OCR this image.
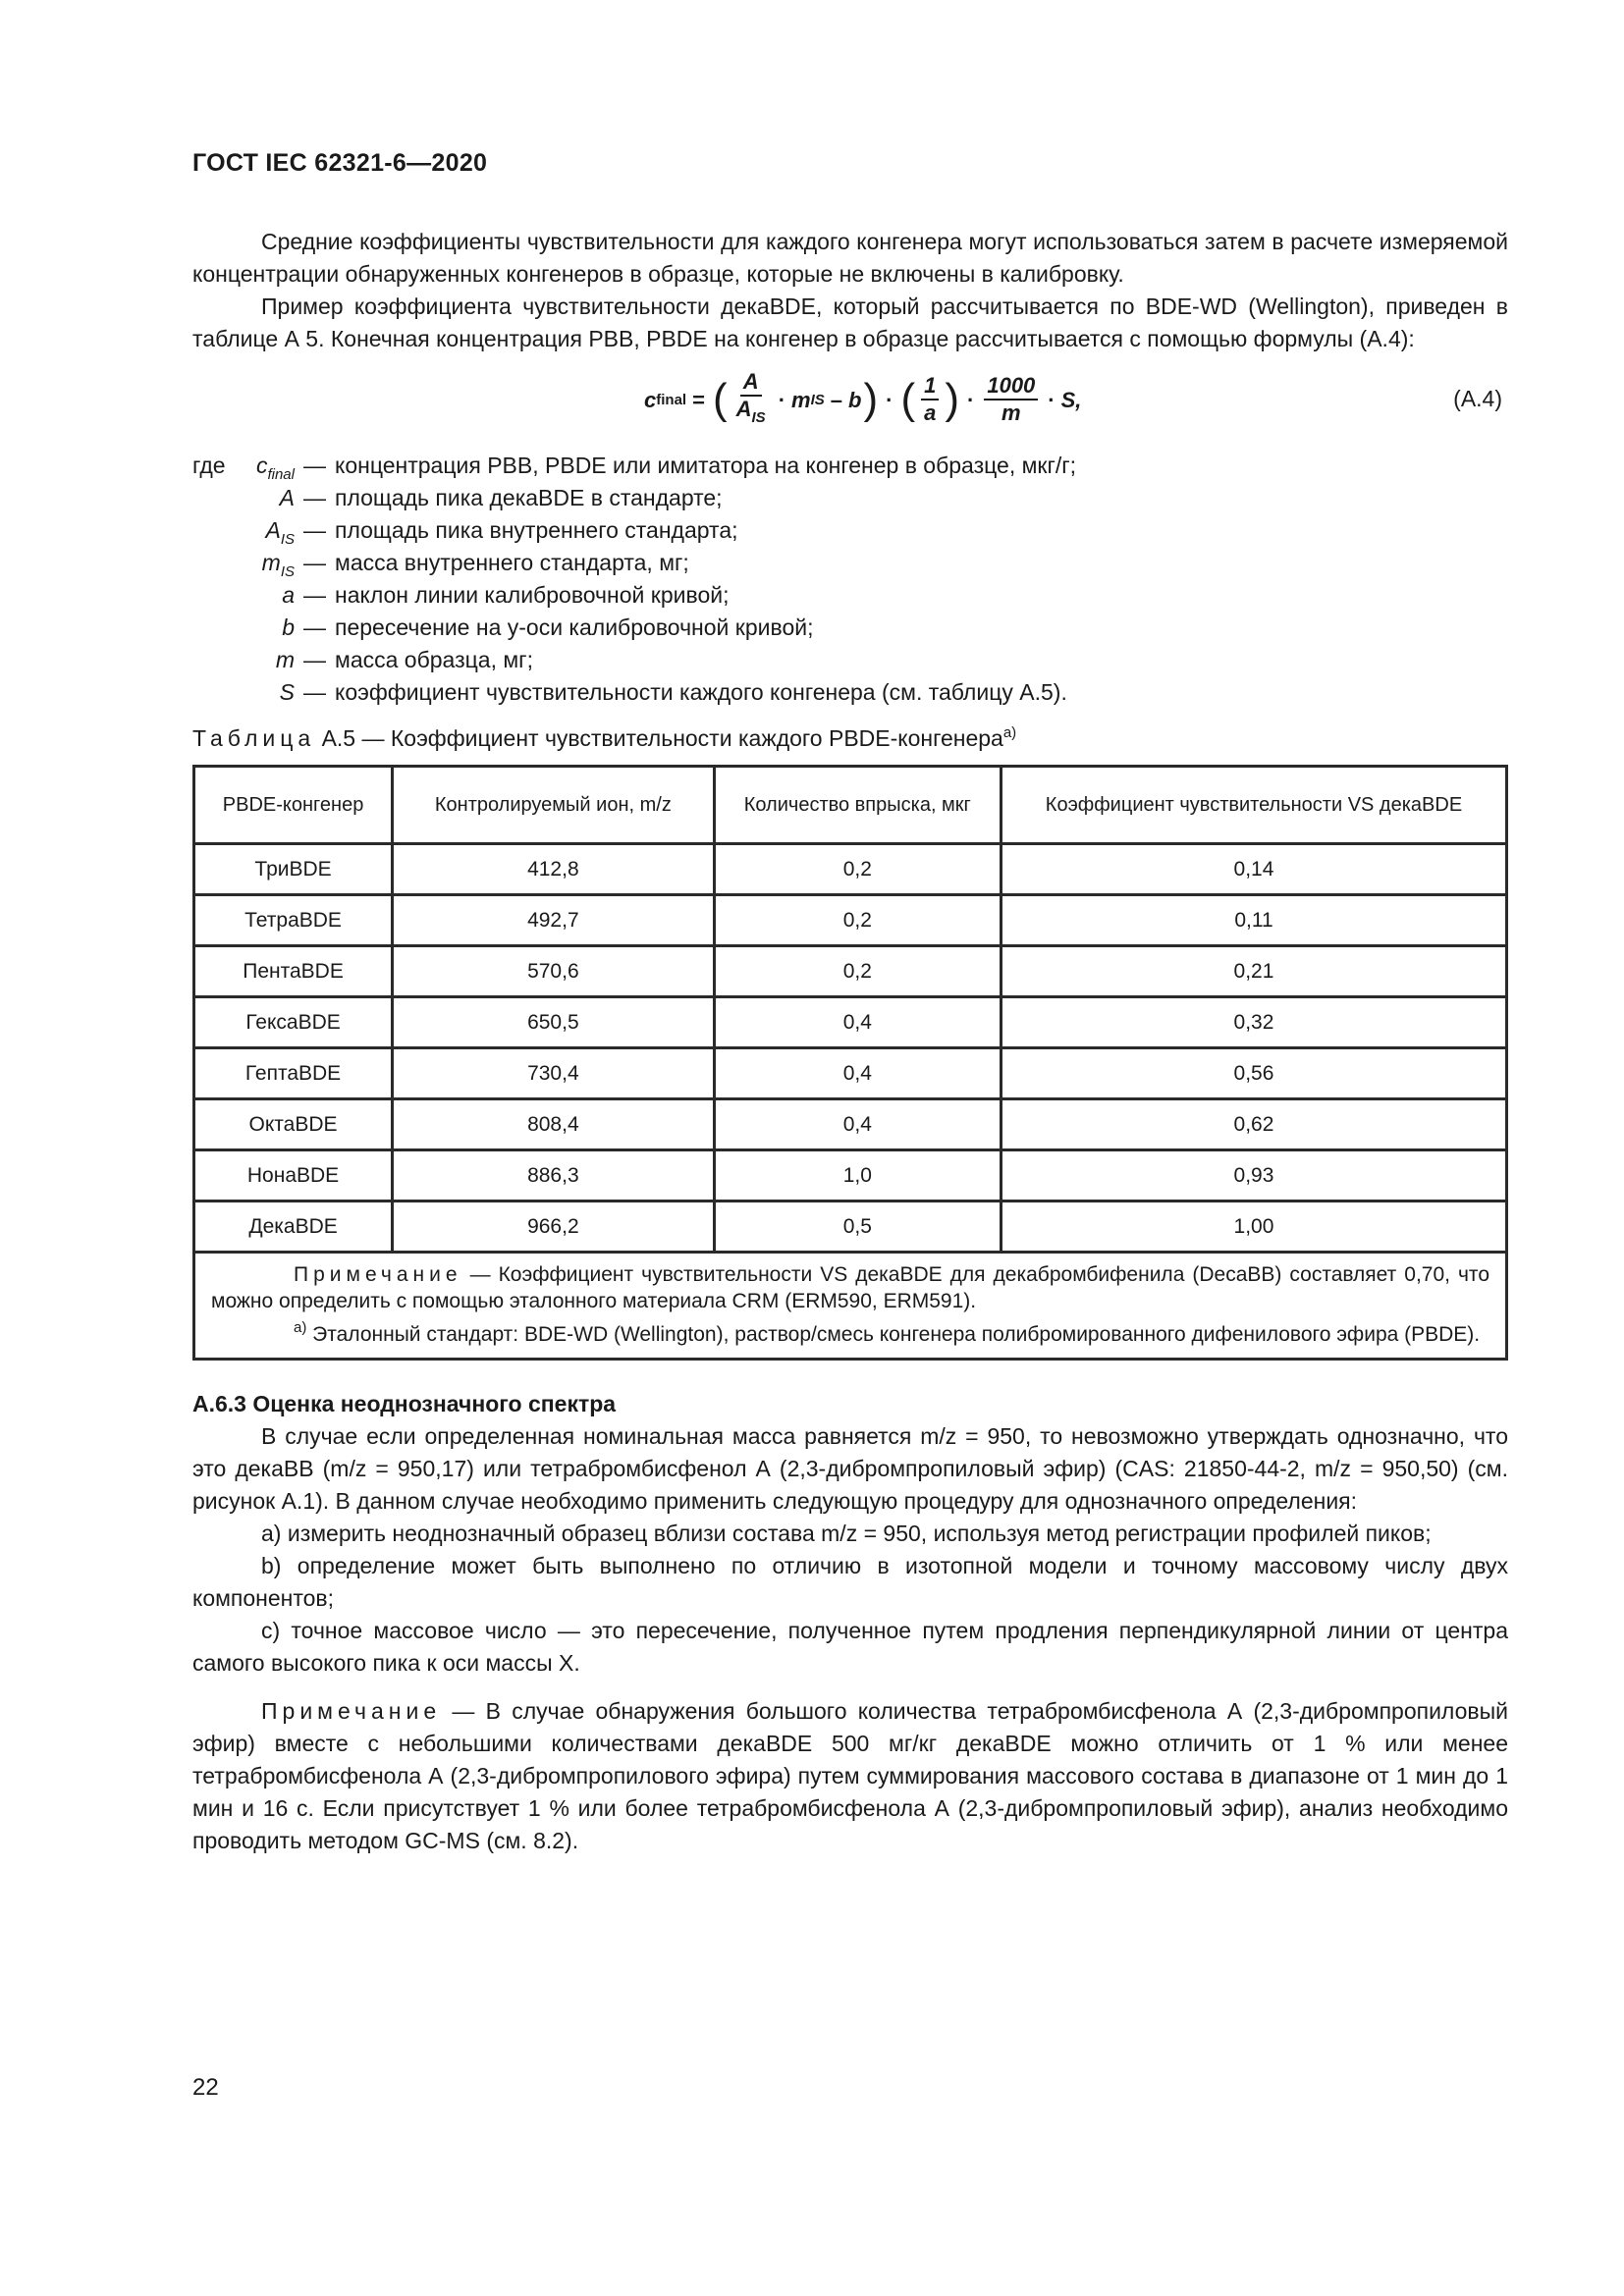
ГОСТ IEC 62321-6—2020

Средние коэффициенты чувствительности для каждого конгенера могут использоваться затем в расчете измеряемой концентрации обнаруженных конгенеров в образце, которые не включены в калибровку.

Пример коэффициента чувствительности декаBDE, который рассчитывается по BDE-WD (Wellington), приведен в таблице А 5. Конечная концентрация PBB, PBDE на конгенер в образце рассчитывается с помощью формулы (А.4):

c final = ( $\frac{A}{A_{IS}} \cdot m$ IS – b ) · ( $\frac{1}{a}$ ) · $\frac{1000}{m} \cdot S$,	(А.4)
где	$c_{final}$ — концентрация PBB, PBDE или имитатора на конгенер в образце, мкг/г;
A — площадь пика декаBDE в стандарте;
$A_{IS}$ — площадь пика внутреннего стандарта;
$m_{IS}$ — масса внутреннего стандарта, мг;
a — наклон линии калибровочной кривой;
b — пересечение на у-оси калибровочной кривой;
m — масса образца, мг;
S — коэффициент чувствительности каждого конгенера (см. таблицу А.5).
Таблица А.5 — Коэффициент чувствительности каждого PBDE-конгенера$^{a)}$
PBDE-конгенер	Контролируемый ион, m/z	Количество впрыска, мкг	Коэффициент чувствительности VS декаBDE
ТриBDE	412,8	0,2	0,14
ТетраBDE	492,7	0,2	0,11
ПентаBDE	570,6	0,2	0,21
ГексаBDE	650,5	0,4	0,32
ГептаBDE	730,4	0,4	0,56
ОктаBDE	808,4	0,4	0,62
НонаBDE	886,3	1,0	0,93
ДекаBDE	966,2	0,5	1,00

Примечание — Коэффициент чувствительности VS декаBDE для декабромбифенила (DecaBB) составляет 0,70, что можно определить с помощью эталонного материала CRM (ERM590, ERM591).

$^{a)}$ Эталонный стандарт: BDE-WD (Wellington), раствор/смесь конгенера полибромированного дифенилового эфира (PBDE).			

А.6.3 Оценка неоднозначного спектра

В случае если определенная номинальная масса равняется m/z = 950, то невозможно утверждать однозначно, что это декаBB (m/z = 950,17) или тетрабромбисфенол А (2,3-дибромпропиловый эфир) (CAS: 21850-44-2, m/z = 950,50) (см. рисунок А.1). В данном случае необходимо применить следующую процедуру для однозначного определения:

a) измерить неоднозначный образец вблизи состава m/z = 950, используя метод регистрации профилей пиков;

b) определение может быть выполнено по отличию в изотопной модели и точному массовому числу двух компонентов;

c) точное массовое число — это пересечение, полученное путем продления перпендикулярной линии от центра самого высокого пика к оси массы X.

Примечание — В случае обнаружения большого количества тетрабромбисфенола А (2,3-дибромпропиловый эфир) вместе с небольшими количествами декаBDE 500 мг/кг декаBDE можно отличить от 1 % или менее тетрабромбисфенола А (2,3-дибромпропилового эфира) путем суммирования массового состава в диапазоне от 1 мин до 1 мин и 16 с. Если присутствует 1 % или более тетрабромбисфенола А (2,3-дибромпропиловый эфир), анализ необходимо проводить методом GC-MS (см. 8.2).

22
